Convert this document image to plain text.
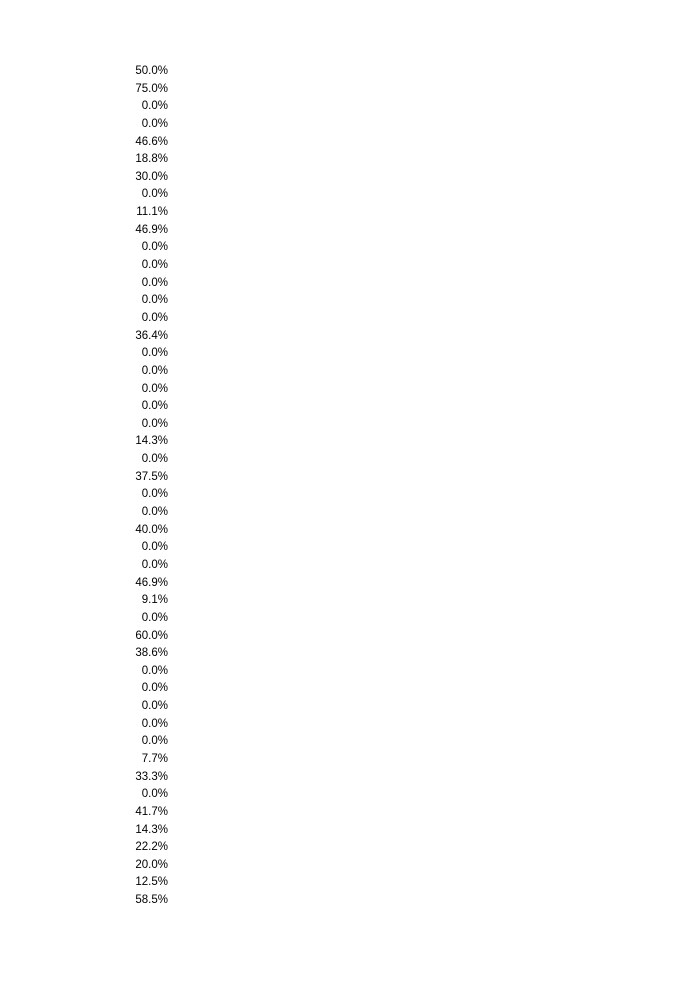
50.0%
75.0%
0.0%
0.0%
46.6%
18.8%
30.0%
0.0%
11.1%
46.9%
0.0%
0.0%
0.0%
0.0%
0.0%
36.4%
0.0%
0.0%
0.0%
0.0%
0.0%
14.3%
0.0%
37.5%
0.0%
0.0%
40.0%
0.0%
0.0%
46.9%
9.1%
0.0%
60.0%
38.6%
0.0%
0.0%
0.0%
0.0%
0.0%
7.7%
33.3%
0.0%
41.7%
14.3%
22.2%
20.0%
12.5%
58.5%
